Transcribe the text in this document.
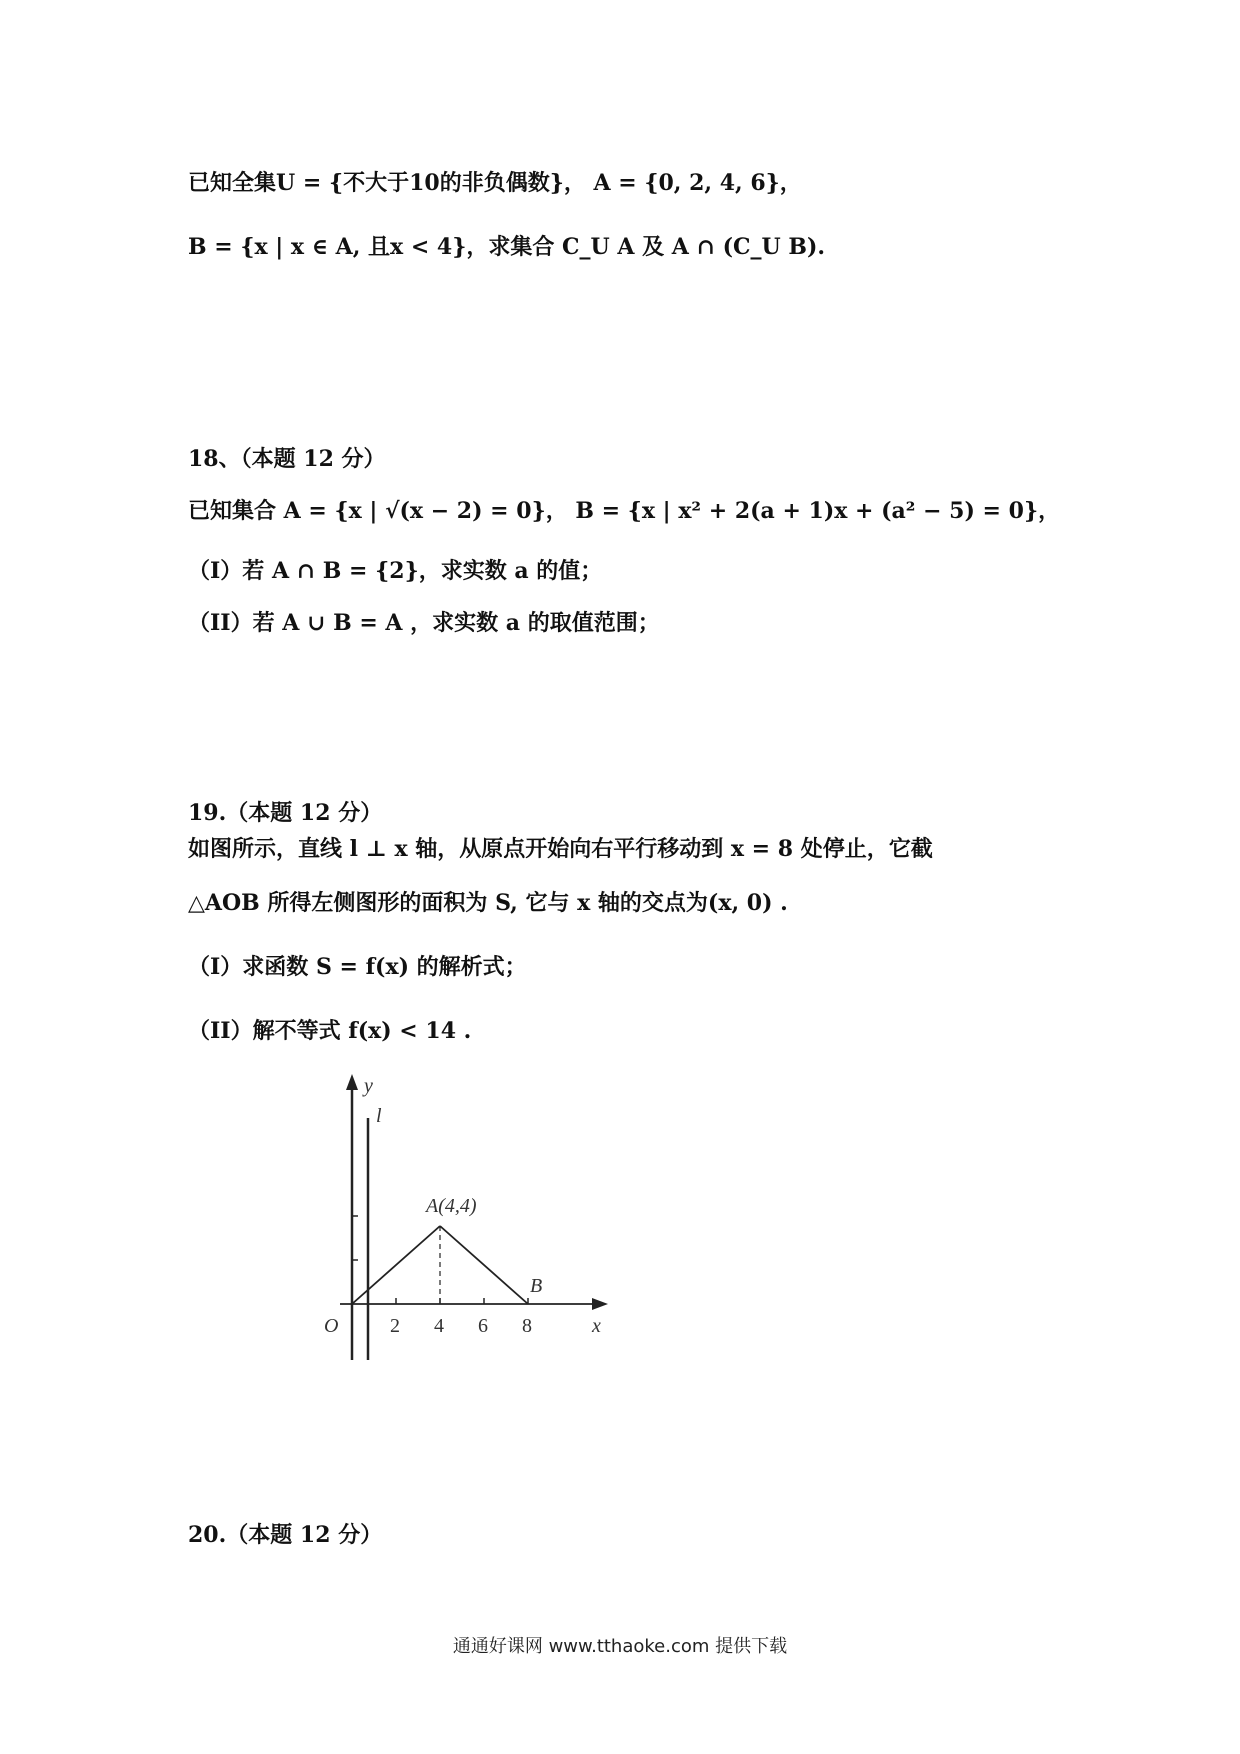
已知全集U = {不大于10的非负偶数}， A = {0, 2, 4, 6}，
B = {x | x ∈ A, 且x < 4}，求集合 C_U A 及 A ∩ (C_U B).
18、（本题 12 分）
已知集合 A = {x | √(x − 2) = 0}， B = {x | x² + 2(a + 1)x + (a² − 5) = 0}，
（I）若 A ∩ B = {2}，求实数 a 的值；
（II）若 A ∪ B = A ，求实数 a 的取值范围；
19.（本题 12 分）
如图所示，直线 l ⊥ x 轴，从原点开始向右平行移动到 x = 8 处停止，它截
△AOB 所得左侧图形的面积为 S, 它与 x 轴的交点为(x, 0) .
（I）求函数 S = f(x) 的解析式；
（II）解不等式 f(x) < 14 .
y
x
l
O
A(4,4)
B
2 4 6 8
20.（本题 12 分）
通通好课网 www.tthaoke.com 提供下载
